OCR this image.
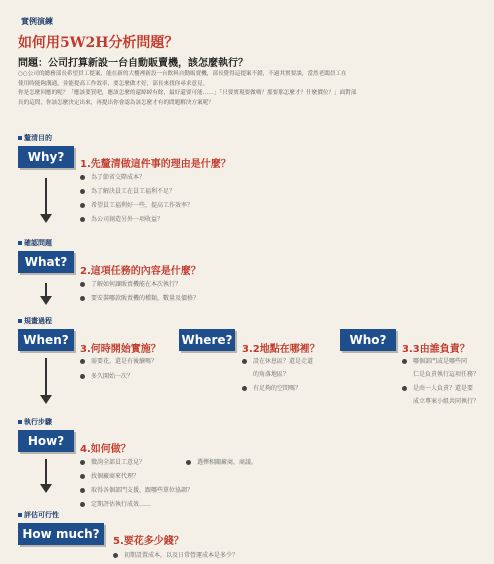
實例演練
如何用5W2H分析問題？
問題：公司打算新設一台自動販賣機，該怎麼執行？
○○公司的總務部長希望員工提案，能在新的大樓裡新設一台飲料自動販賣機，部長覺得這提案不錯，不過其實要談，當然老闆員工在
使用時能夠溝通，並能提高工作效率，要怎麼做才好，部長來找你尋求意見。
你是怎麼回應的呢？「應該要買吧，應該怎麼的還綽綽有餘，最好還要可能……」「只要實現要做嗎？那要那怎麼才？什麼價位？」面對部
長的這問，你該怎麼決定出來，再提出你會認為該怎麼才有的問題解決方案呢？
釐清目的
Why?
1.先釐清做這件事的理由是什麼？
為了節省交際成本？
為了解決員工在員工福利不足？
希望員工福利好一些，提高工作效率？
為公司創造另外一項收益？
確認問題
What?
2.這項任務的內容是什麼？
了解如何讓販賣機能在本次執行？
要安裝哪款販賣機的種類，數量及價格？
規畫過程
When?
3.何時開始實施？
需要花，還是有後續嗎？
多久開始一次？
Where?
3.2地點在哪裡？
設在休息區？還是走道
的角落地區？
有足夠的空間嗎？
Who?
3.3由誰負責？
哪個部門或是哪些同
仁是負責執行這項任務？
是由一人負責？還是要
成立專案小組共同執行？
執行步驟
How?
4.如何做？
徵詢全部員工意見？	選擇相關廠商，商議。
找個廠商來代理？
取得各個部門支援，跟哪些單位協調？
定期評估執行成效……
評估可行性
How much?
5.要花多少錢？
初期設置成本，以及日常營運成本是多少？
